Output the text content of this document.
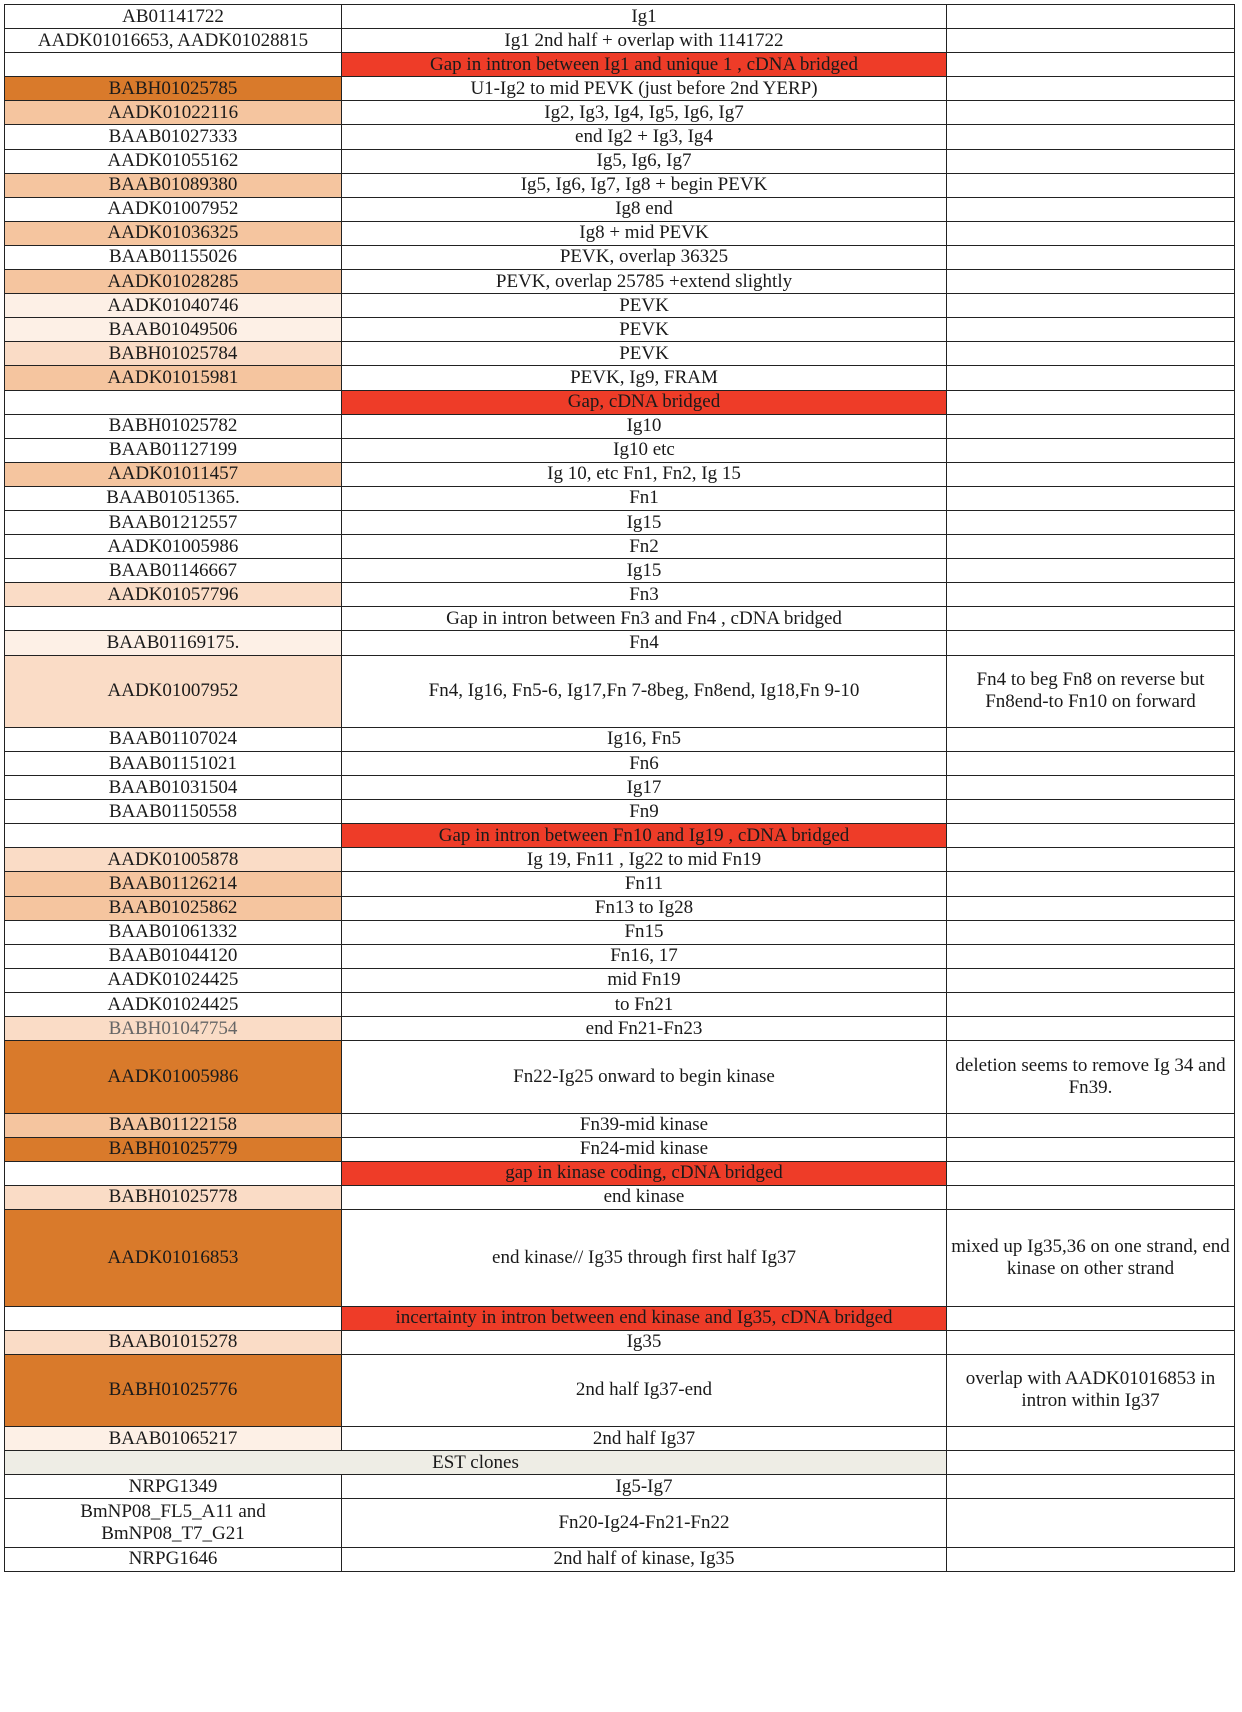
AB01141722	Ig1	
AADK01016653, AADK01028815	Ig1 2nd half + overlap with 1141722	
	Gap in intron between Ig1 and unique 1 , cDNA bridged	
BABH01025785	U1-Ig2 to mid PEVK (just before 2nd YERP)	
AADK01022116	Ig2, Ig3, Ig4, Ig5, Ig6, Ig7	
BAAB01027333	end Ig2 + Ig3, Ig4	
AADK01055162	Ig5, Ig6, Ig7	
BAAB01089380	Ig5, Ig6, Ig7, Ig8 + begin PEVK	
AADK01007952	Ig8 end	
AADK01036325	Ig8 + mid PEVK	
BAAB01155026	PEVK, overlap 36325	
AADK01028285	PEVK, overlap 25785 +extend slightly	
AADK01040746	PEVK	
BAAB01049506	PEVK	
BABH01025784	PEVK	
AADK01015981	PEVK, Ig9, FRAM	
	Gap, cDNA bridged	
BABH01025782	Ig10	
BAAB01127199	Ig10 etc	
AADK01011457	Ig 10, etc Fn1, Fn2, Ig 15	
BAAB01051365.	Fn1	
BAAB01212557	Ig15	
AADK01005986	Fn2	
BAAB01146667	Ig15	
AADK01057796	Fn3	
	Gap in intron between Fn3 and Fn4 , cDNA bridged	
BAAB01169175.	Fn4	
AADK01007952	Fn4, Ig16, Fn5-6, Ig17,Fn 7-8beg, Fn8end, Ig18,Fn 9-10	Fn4 to beg Fn8 on reverse but Fn8end-to Fn10 on forward
BAAB01107024	Ig16, Fn5	
BAAB01151021	Fn6	
BAAB01031504	Ig17	
BAAB01150558	Fn9	
	Gap in intron between Fn10 and Ig19 , cDNA bridged	
AADK01005878	Ig 19, Fn11 , Ig22 to mid Fn19	
BAAB01126214	Fn11	
BAAB01025862	Fn13 to Ig28	
BAAB01061332	Fn15	
BAAB01044120	Fn16, 17	
AADK01024425	mid Fn19	
AADK01024425	to Fn21	
BABH01047754	end Fn21-Fn23	
AADK01005986	Fn22-Ig25 onward to begin kinase	deletion seems to remove Ig 34 and Fn39.
BAAB01122158	Fn39-mid kinase	
BABH01025779	Fn24-mid kinase	
	gap in kinase coding, cDNA bridged	
BABH01025778	end kinase	
AADK01016853	end kinase// Ig35 through first half Ig37	mixed up Ig35,36 on one strand, end kinase on other strand
	incertainty in intron between end kinase and Ig35, cDNA bridged	
BAAB01015278	Ig35	
BABH01025776	2nd half Ig37-end	overlap with AADK01016853 in intron within Ig37
BAAB01065217	2nd half Ig37	
EST clones		
NRPG1349	Ig5-Ig7	
BmNP08_FL5_A11 and BmNP08_T7_G21	Fn20-Ig24-Fn21-Fn22	
NRPG1646	2nd half of kinase, Ig35	
